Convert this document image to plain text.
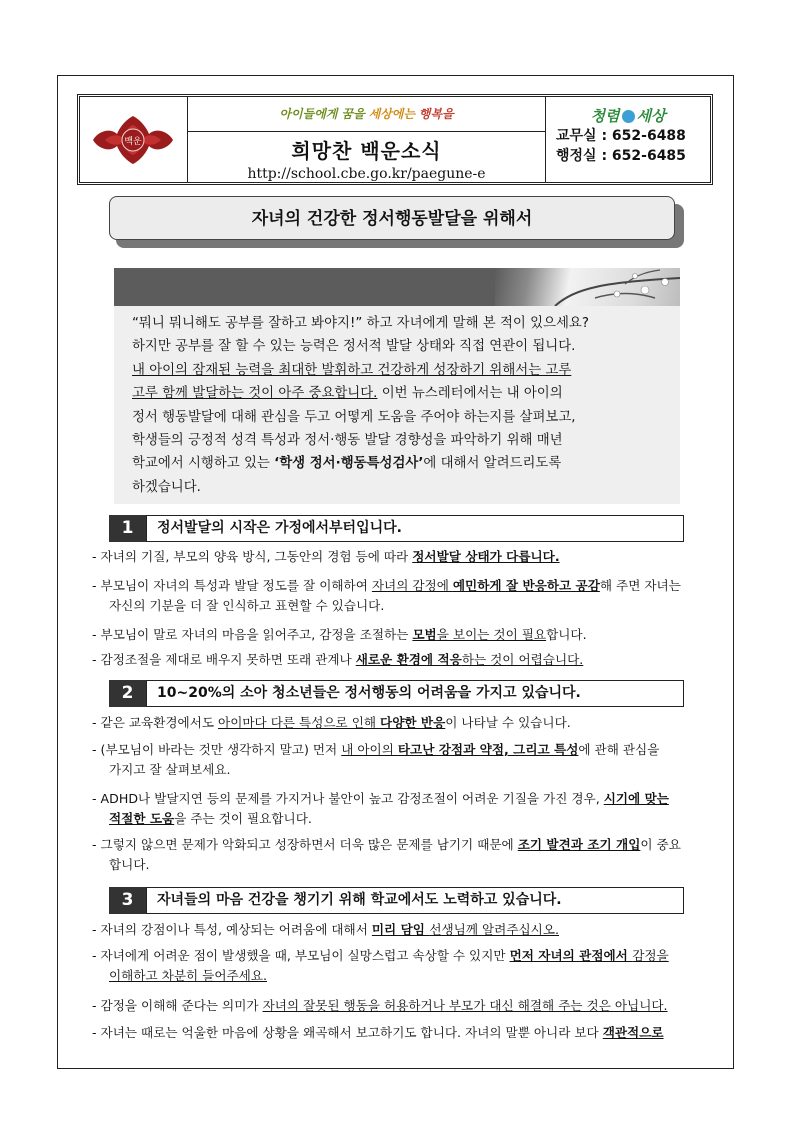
백운
아이들에게 꿈을 세상에는 행복을
희망찬 백운소식
http://school.cbe.go.kr/paegune-e
청렴 세상
교무실 : 652-6488
행정실 : 652-6485
자녀의 건강한 정서행동발달을 위해서
“뭐니 뭐니해도 공부를 잘하고 봐야지!” 하고 자녀에게 말해 본 적이 있으세요?
하지만 공부를 잘 할 수 있는 능력은 정서적 발달 상태와 직접 연관이 됩니다.
내 아이의 잠재된 능력을 최대한 발휘하고 건강하게 성장하기 위해서는 고루
고루 함께 발달하는 것이 아주 중요합니다. 이번 뉴스레터에서는 내 아이의
정서 행동발달에 대해 관심을 두고 어떻게 도움을 주어야 하는지를 살펴보고,
학생들의 긍정적 성격 특성과 정서·행동 발달 경향성을 파악하기 위해 매년
학교에서 시행하고 있는 ‘학생 정서·행동특성검사’에 대해서 알려드리도록
하겠습니다.
1	정서발달의 시작은 가정에서부터입니다.
- 자녀의 기질, 부모의 양육 방식, 그동안의 경험 등에 따라 정서발달 상태가 다릅니다.
- 부모님이 자녀의 특성과 발달 정도를 잘 이해하여 자녀의 감정에 예민하게 잘 반응하고 공감해 주면 자녀는
자신의 기분을 더 잘 인식하고 표현할 수 있습니다.
- 부모님이 말로 자녀의 마음을 읽어주고, 감정을 조절하는 모범을 보이는 것이 필요합니다.
- 감정조절을 제대로 배우지 못하면 또래 관계나 새로운 환경에 적응하는 것이 어렵습니다.
2	10~20%의 소아 청소년들은 정서행동의 어려움을 가지고 있습니다.
- 같은 교육환경에서도 아이마다 다른 특성으로 인해 다양한 반응이 나타날 수 있습니다.
- (부모님이 바라는 것만 생각하지 말고) 먼저 내 아이의 타고난 강점과 약점, 그리고 특성에 관해 관심을
가지고 잘 살펴보세요.
- ADHD나 발달지연 등의 문제를 가지거나 불안이 높고 감정조절이 어려운 기질을 가진 경우, 시기에 맞는
적절한 도움을 주는 것이 필요합니다.
- 그렇지 않으면 문제가 악화되고 성장하면서 더욱 많은 문제를 남기기 때문에 조기 발견과 조기 개입이 중요
합니다.
3	자녀들의 마음 건강을 챙기기 위해 학교에서도 노력하고 있습니다.
- 자녀의 강점이나 특성, 예상되는 어려움에 대해서 미리 담임 선생님께 알려주십시오.
- 자녀에게 어려운 점이 발생했을 때, 부모님이 실망스럽고 속상할 수 있지만 먼저 자녀의 관점에서 감정을
이해하고 차분히 들어주세요.
- 감정을 이해해 준다는 의미가 자녀의 잘못된 행동을 허용하거나 부모가 대신 해결해 주는 것은 아닙니다.
- 자녀는 때로는 억울한 마음에 상황을 왜곡해서 보고하기도 합니다. 자녀의 말뿐 아니라 보다 객관적으로
